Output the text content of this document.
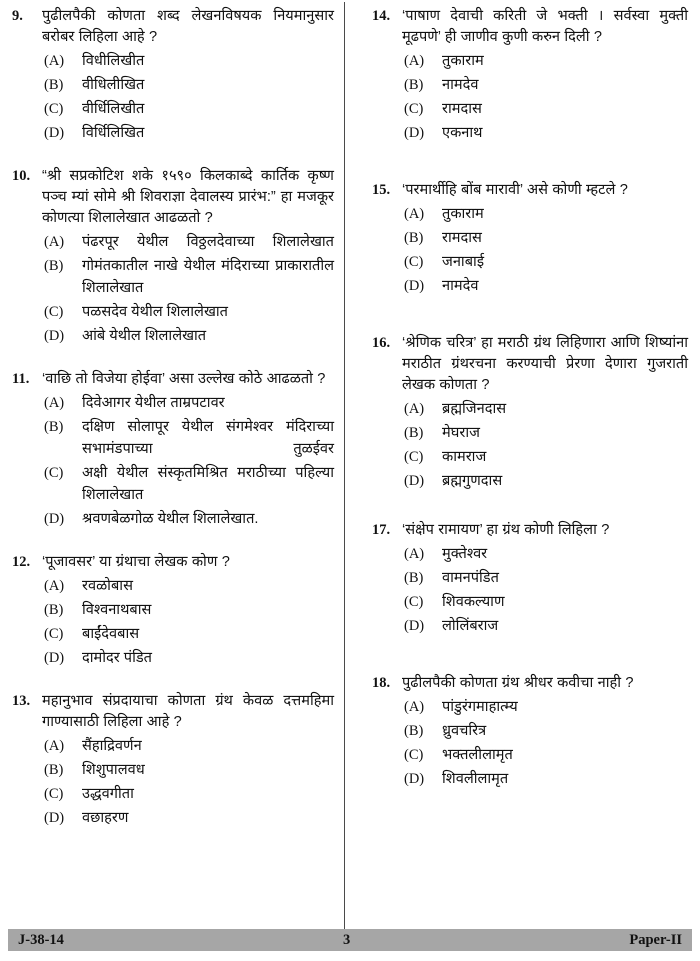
9.	पुढीलपैकी कोणता शब्द लेखनविषयक नियमानुसार बरोबर लिहिला आहे ?

(A)	विधीलिखीत
(B)	वीधिलीखित
(C)	वीर्धिलिखीत
(D)	विर्धिलिखित
10. “श्री सप्रकोटिश शके १५९० किलकाब्दे कार्तिक कृष्ण पञ्च म्यां सोमे श्री शिवराज्ञा देवालस्य प्रारंभ:” हा मजकूर कोणत्या शिलालेखात आढळतो ?

(A)	पंढरपूर येथील विठ्ठलदेवाच्या शिलालेखात
(B)	गोमंतकातील नाखे येथील मंदिराच्या प्राकारातील शिलालेखात
(C)	पळसदेव येथील शिलालेखात
(D)	आंबे येथील शिलालेखात
11. ‘वाछि तो विजेया होईवा’ असा उल्लेख कोठे आढळतो ?

(A)	दिवेआगर येथील ताम्रपटावर
(B)	दक्षिण सोलापूर येथील संगमेश्वर मंदिराच्या सभामंडपाच्या तुळईवर
(C)	अक्षी येथील संस्कृतमिश्रित मराठीच्या पहिल्या शिलालेखात
(D)	श्रवणबेळगोळ येथील शिलालेखात.
12. ‘पूजावसर’ या ग्रंथाचा लेखक कोण ?

(A)	रवळोबास
(B)	विश्वनाथबास
(C)	बाईंदेवबास
(D)	दामोदर पंडित
13. महानुभाव संप्रदायाचा कोणता ग्रंथ केवळ दत्तमहिमा गाण्यासाठी लिहिला आहे ?

(A)	सैंहाद्रिवर्णन
(B)	शिशुपालवध
(C)	उद्धवगीता
(D)	वछाहरण
14. ‘पाषाण देवाची करिती जे भक्ती । सर्वस्वा मुक्ती मूढपणे’ ही जाणीव कुणी करुन दिली ?

(A)	तुकाराम
(B)	नामदेव
(C)	रामदास
(D)	एकनाथ
15. ‘परमार्थीहि बोंब मारावी’ असे कोणी म्हटले ?

(A)	तुकाराम
(B)	रामदास
(C)	जनाबाई
(D)	नामदेव
16. ‘श्रेणिक चरित्र’ हा मराठी ग्रंथ लिहिणारा आणि शिष्यांना मराठीत ग्रंथरचना करण्याची प्रेरणा देणारा गुजराती लेखक कोणता ?

(A)	ब्रह्मजिनदास
(B)	मेघराज
(C)	कामराज
(D)	ब्रह्मगुणदास
17. ‘संक्षेप रामायण’ हा ग्रंथ कोणी लिहिला ?

(A)	मुक्तेश्वर
(B)	वामनपंडित
(C)	शिवकल्याण
(D)	लोलिंबराज
18. पुढीलपैकी कोणता ग्रंथ श्रीधर कवीचा नाही ?

(A)	पांडुरंगमाहात्म्य
(B)	ध्रुवचरित्र
(C)	भक्तलीलामृत
(D)	शिवलीलामृत
J-38-14	3	Paper-II
